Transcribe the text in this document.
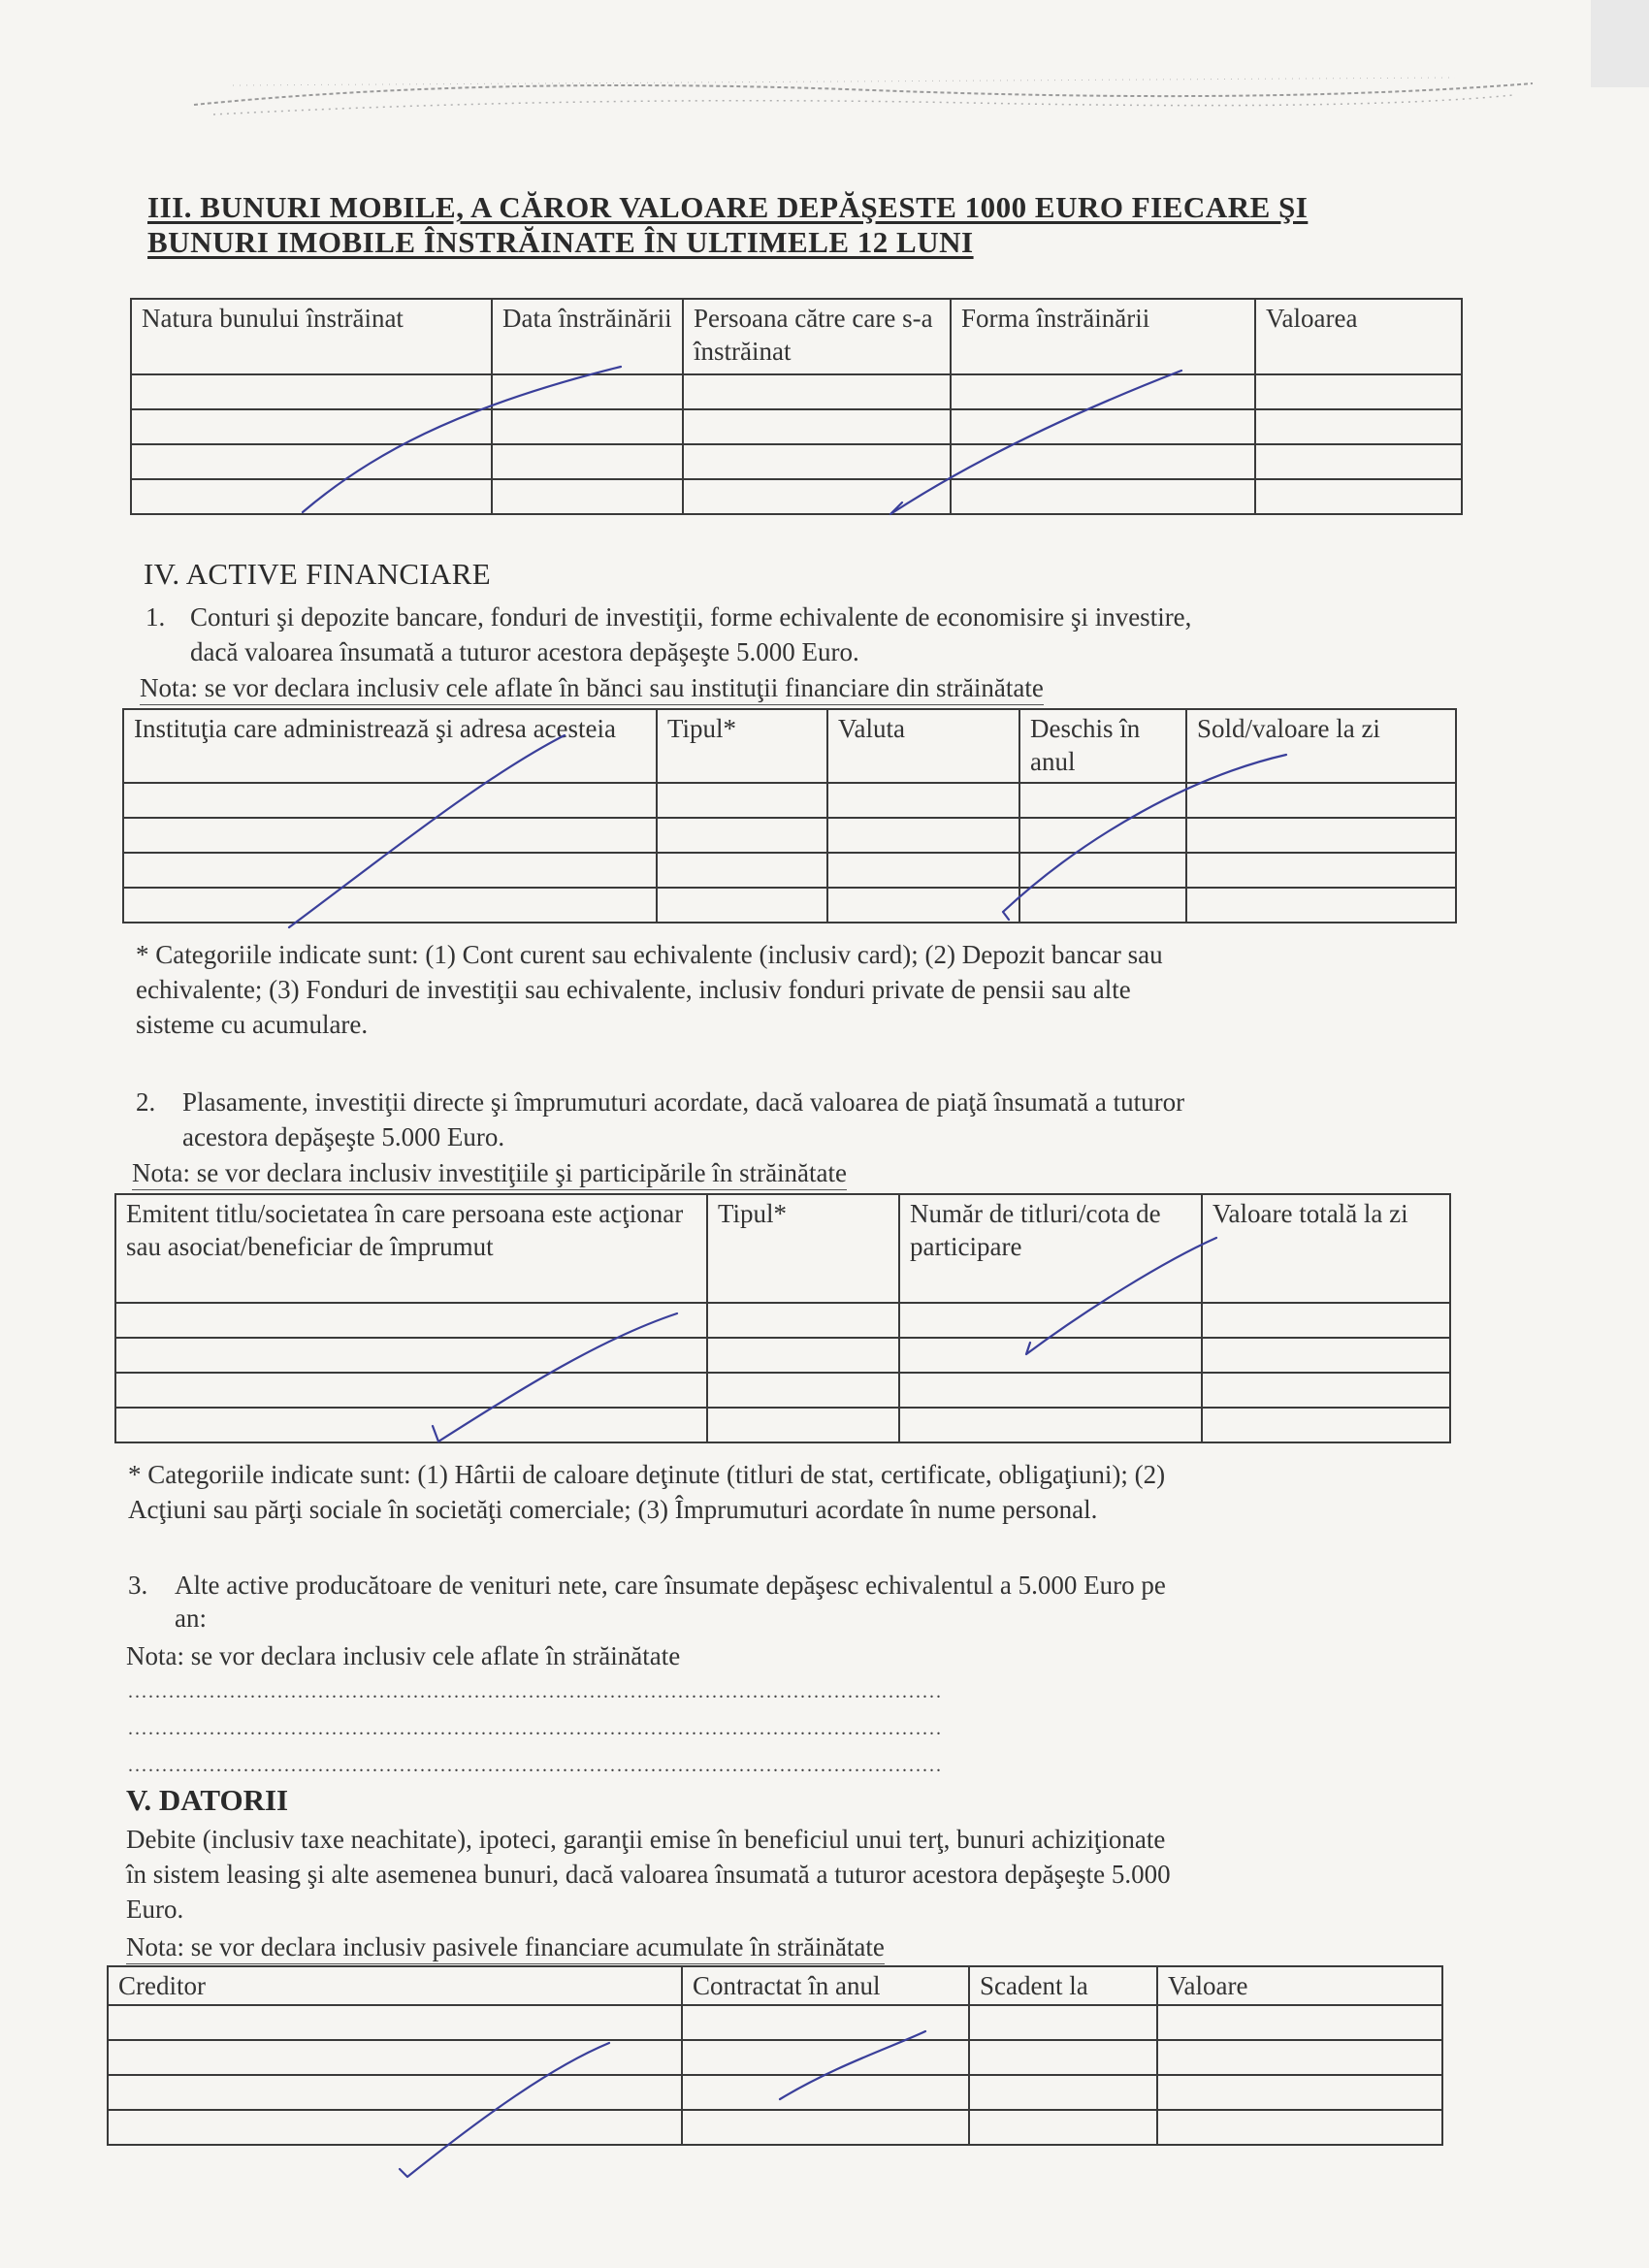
III. BUNURI MOBILE, A CĂROR VALOARE DEPĂŞESTE 1000 EURO FIECARE ŞI
BUNURI IMOBILE ÎNSTRĂINATE ÎN ULTIMELE 12 LUNI
Natura bunului înstrăinat	Data înstrăinării	Persoana către care s-a înstrăinat	Forma înstrăinării	Valoarea

IV. ACTIVE FINANCIARE
1. Conturi şi depozite bancare, fonduri de investiţii, forme echivalente de economisire şi investire,
dacă valoarea însumată a tuturor acestora depăşeşte 5.000 Euro.
Nota: se vor declara inclusiv cele aflate în bănci sau instituţii financiare din străinătate
Instituţia care administrează şi adresa acesteia	Tipul*	Valuta	Deschis în anul	Sold/valoare la zi

* Categoriile indicate sunt: (1) Cont curent sau echivalente (inclusiv card); (2) Depozit bancar sau
echivalente; (3) Fonduri de investiţii sau echivalente, inclusiv fonduri private de pensii sau alte
sisteme cu acumulare.
2. Plasamente, investiţii directe şi împrumuturi acordate, dacă valoarea de piaţă însumată a tuturor
acestora depăşeşte 5.000 Euro.
Nota: se vor declara inclusiv investiţiile şi participările în străinătate
Emitent titlu/societatea în care persoana este acţionar sau asociat/beneficiar de împrumut	Tipul*	Număr de titluri/cota de participare	Valoare totală la zi

* Categoriile indicate sunt: (1) Hârtii de caloare deţinute (titluri de stat, certificate, obligaţiuni); (2)
Acţiuni sau părţi sociale în societăţi comerciale; (3) Împrumuturi acordate în nume personal.
3. Alte active producătoare de venituri nete, care însumate depăşesc echivalentul a 5.000 Euro pe
an:
Nota: se vor declara inclusiv cele aflate în străinătate
........................................................................................................................
........................................................................................................................
........................................................................................................................
V. DATORII
Debite (inclusiv taxe neachitate), ipoteci, garanţii emise în beneficiul unui terţ, bunuri achiziţionate
în sistem leasing şi alte asemenea bunuri, dacă valoarea însumată a tuturor acestora depăşeşte 5.000
Euro.
Nota: se vor declara inclusiv pasivele financiare acumulate în străinătate
Creditor	Contractat în anul	Scadent la	Valoare
